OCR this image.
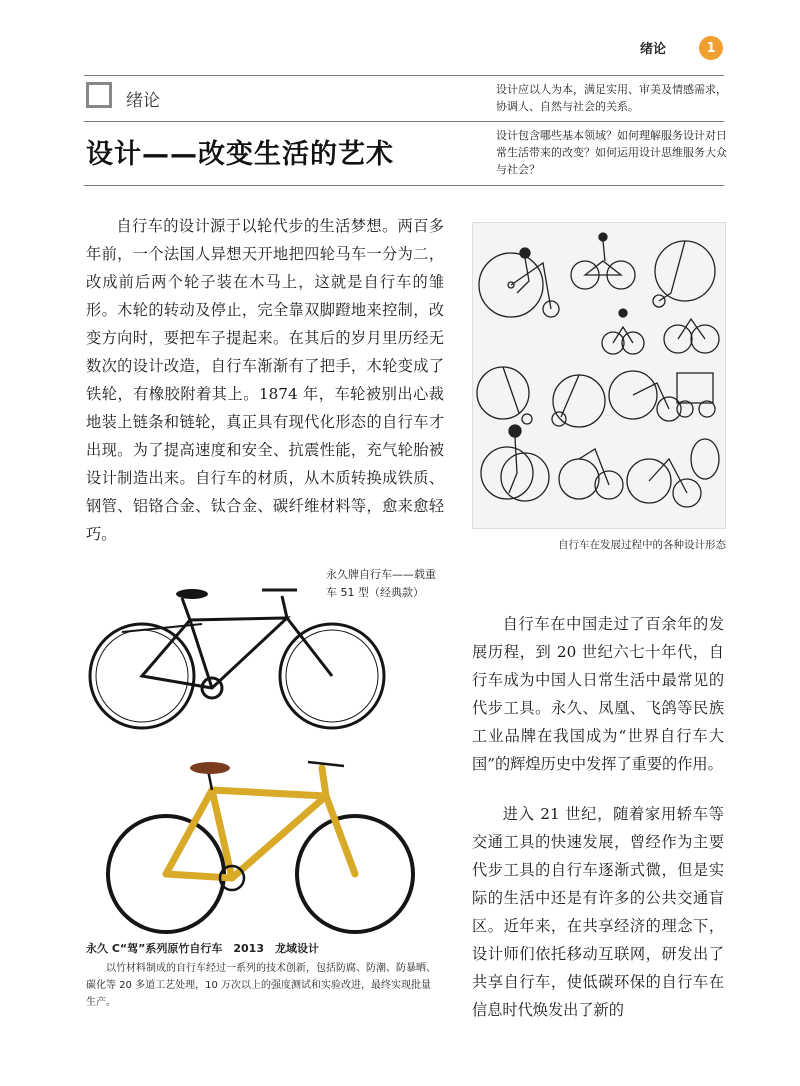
绪论	1
绪论
设计——改变生活的艺术
设计应以人为本，满足实用、审美及情感需求，协调人、自然与社会的关系。
设计包含哪些基本领域？如何理解服务设计对日常生活带来的改变？如何运用设计思维服务大众与社会？
自行车的设计源于以轮代步的生活梦想。两百多年前，一个法国人异想天开地把四轮马车一分为二，改成前后两个轮子装在木马上，这就是自行车的雏形。木轮的转动及停止，完全靠双脚蹬地来控制，改变方向时，要把车子提起来。在其后的岁月里历经无数次的设计改造，自行车渐渐有了把手，木轮变成了铁轮，有橡胶附着其上。1874 年，车轮被别出心裁地装上链条和链轮，真正具有现代化形态的自行车才出现。为了提高速度和安全、抗震性能，充气轮胎被设计制造出来。自行车的材质，从木质转换成铁质、钢管、铝铬合金、钛合金、碳纤维材料等，愈来愈轻巧。
自行车在发展过程中的各种设计形态
永久牌自行车——载重车 51 型（经典款）
永久 C“驾”系列原竹自行车　2013　龙域设计
以竹材料制成的自行车经过一系列的技术创新，包括防腐、防潮、防暴晒、碳化等 20 多道工艺处理，10 万次以上的强度测试和实验改进，最终实现批量生产。
自行车在中国走过了百余年的发展历程，到 20 世纪六七十年代，自行车成为中国人日常生活中最常见的代步工具。永久、凤凰、飞鸽等民族工业品牌在我国成为“世界自行车大国”的辉煌历史中发挥了重要的作用。
进入 21 世纪，随着家用轿车等交通工具的快速发展，曾经作为主要代步工具的自行车逐渐式微，但是实际的生活中还是有许多的公共交通盲区。近年来，在共享经济的理念下，设计师们依托移动互联网，研发出了共享自行车，使低碳环保的自行车在信息时代焕发出了新的
